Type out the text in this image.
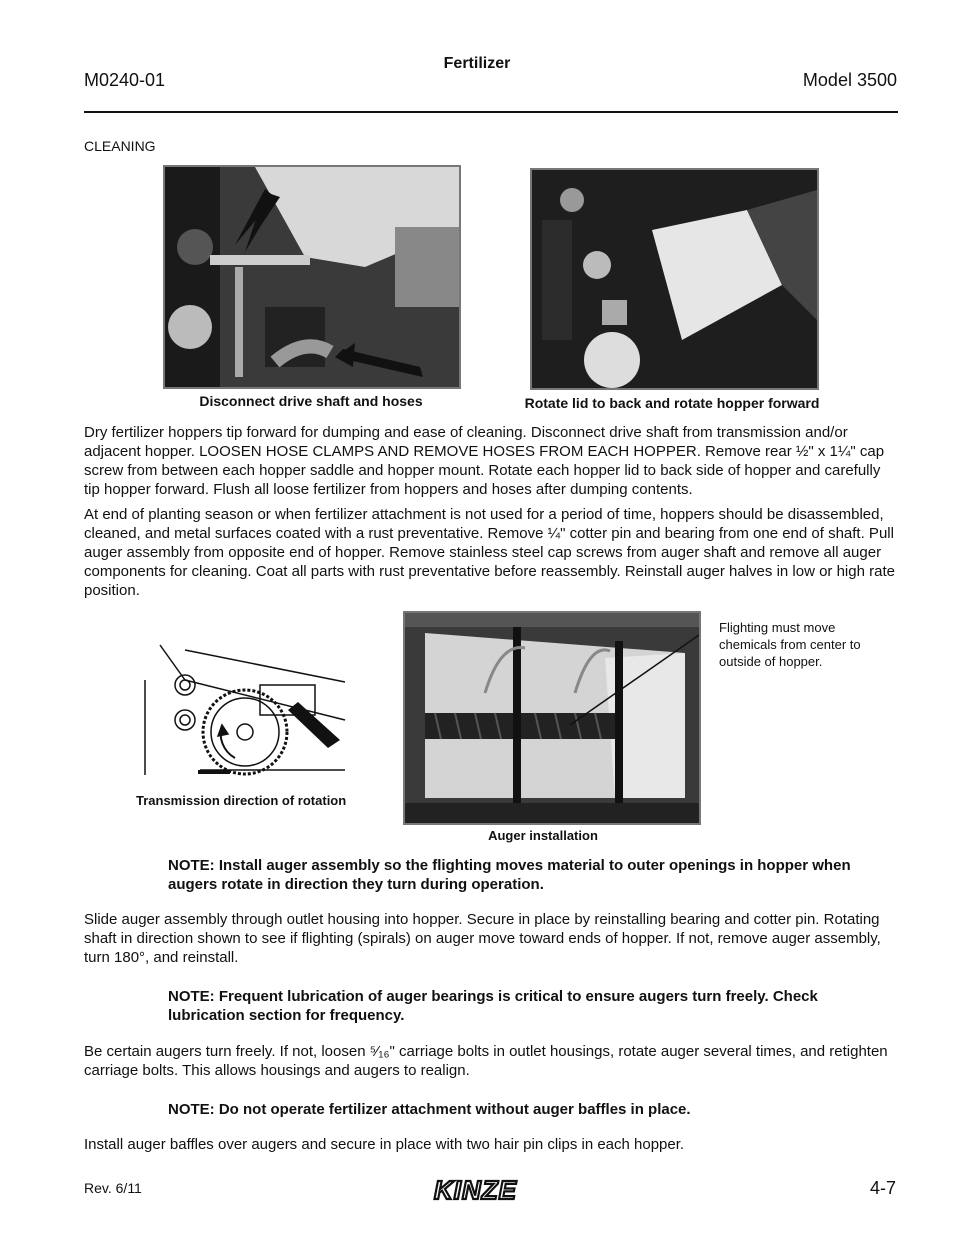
M0240-01
Fertilizer
Model 3500
CLEANING
Disconnect drive shaft and hoses	Rotate lid to back and rotate hopper forward
Dry fertilizer hoppers tip forward for dumping and ease of cleaning. Disconnect drive shaft from transmission and/or adjacent hopper. LOOSEN HOSE CLAMPS AND REMOVE HOSES FROM EACH HOPPER. Remove rear ½" x 1¼" cap screw from between each hopper saddle and hopper mount. Rotate each hopper lid to back side of hopper and carefully tip hopper forward. Flush all loose fertilizer from hoppers and hoses after dumping contents.
At end of planting season or when fertilizer attachment is not used for a period of time, hoppers should be disassembled, cleaned, and metal surfaces coated with a rust preventative. Remove ¼" cotter pin and bearing from one end of shaft. Pull auger assembly from opposite end of hopper. Remove stainless steel cap screws from auger shaft and remove all auger components for cleaning. Coat all parts with rust preventative before reassembly. Reinstall auger halves in low or high rate position.
Transmission direction of rotation
Flighting must move chemicals from center to outside of hopper.
Auger installation
NOTE: Install auger assembly so the flighting moves material to outer openings in hopper when augers rotate in direction they turn during operation.
Slide auger assembly through outlet housing into hopper. Secure in place by reinstalling bearing and cotter pin. Rotating shaft in direction shown to see if flighting (spirals) on auger move toward ends of hopper. If not, remove auger assembly, turn 180°, and reinstall.
NOTE: Frequent lubrication of auger bearings is critical to ensure augers turn freely. Check lubrication section for frequency.
Be certain augers turn freely. If not, loosen ⁵⁄₁₆" carriage bolts in outlet housings, rotate auger several times, and retighten carriage bolts. This allows housings and augers to realign.
NOTE: Do not operate fertilizer attachment without auger baffles in place.
Install auger baffles over augers and secure in place with two hair pin clips in each hopper.
Rev. 6/11	KINZE	4-7
